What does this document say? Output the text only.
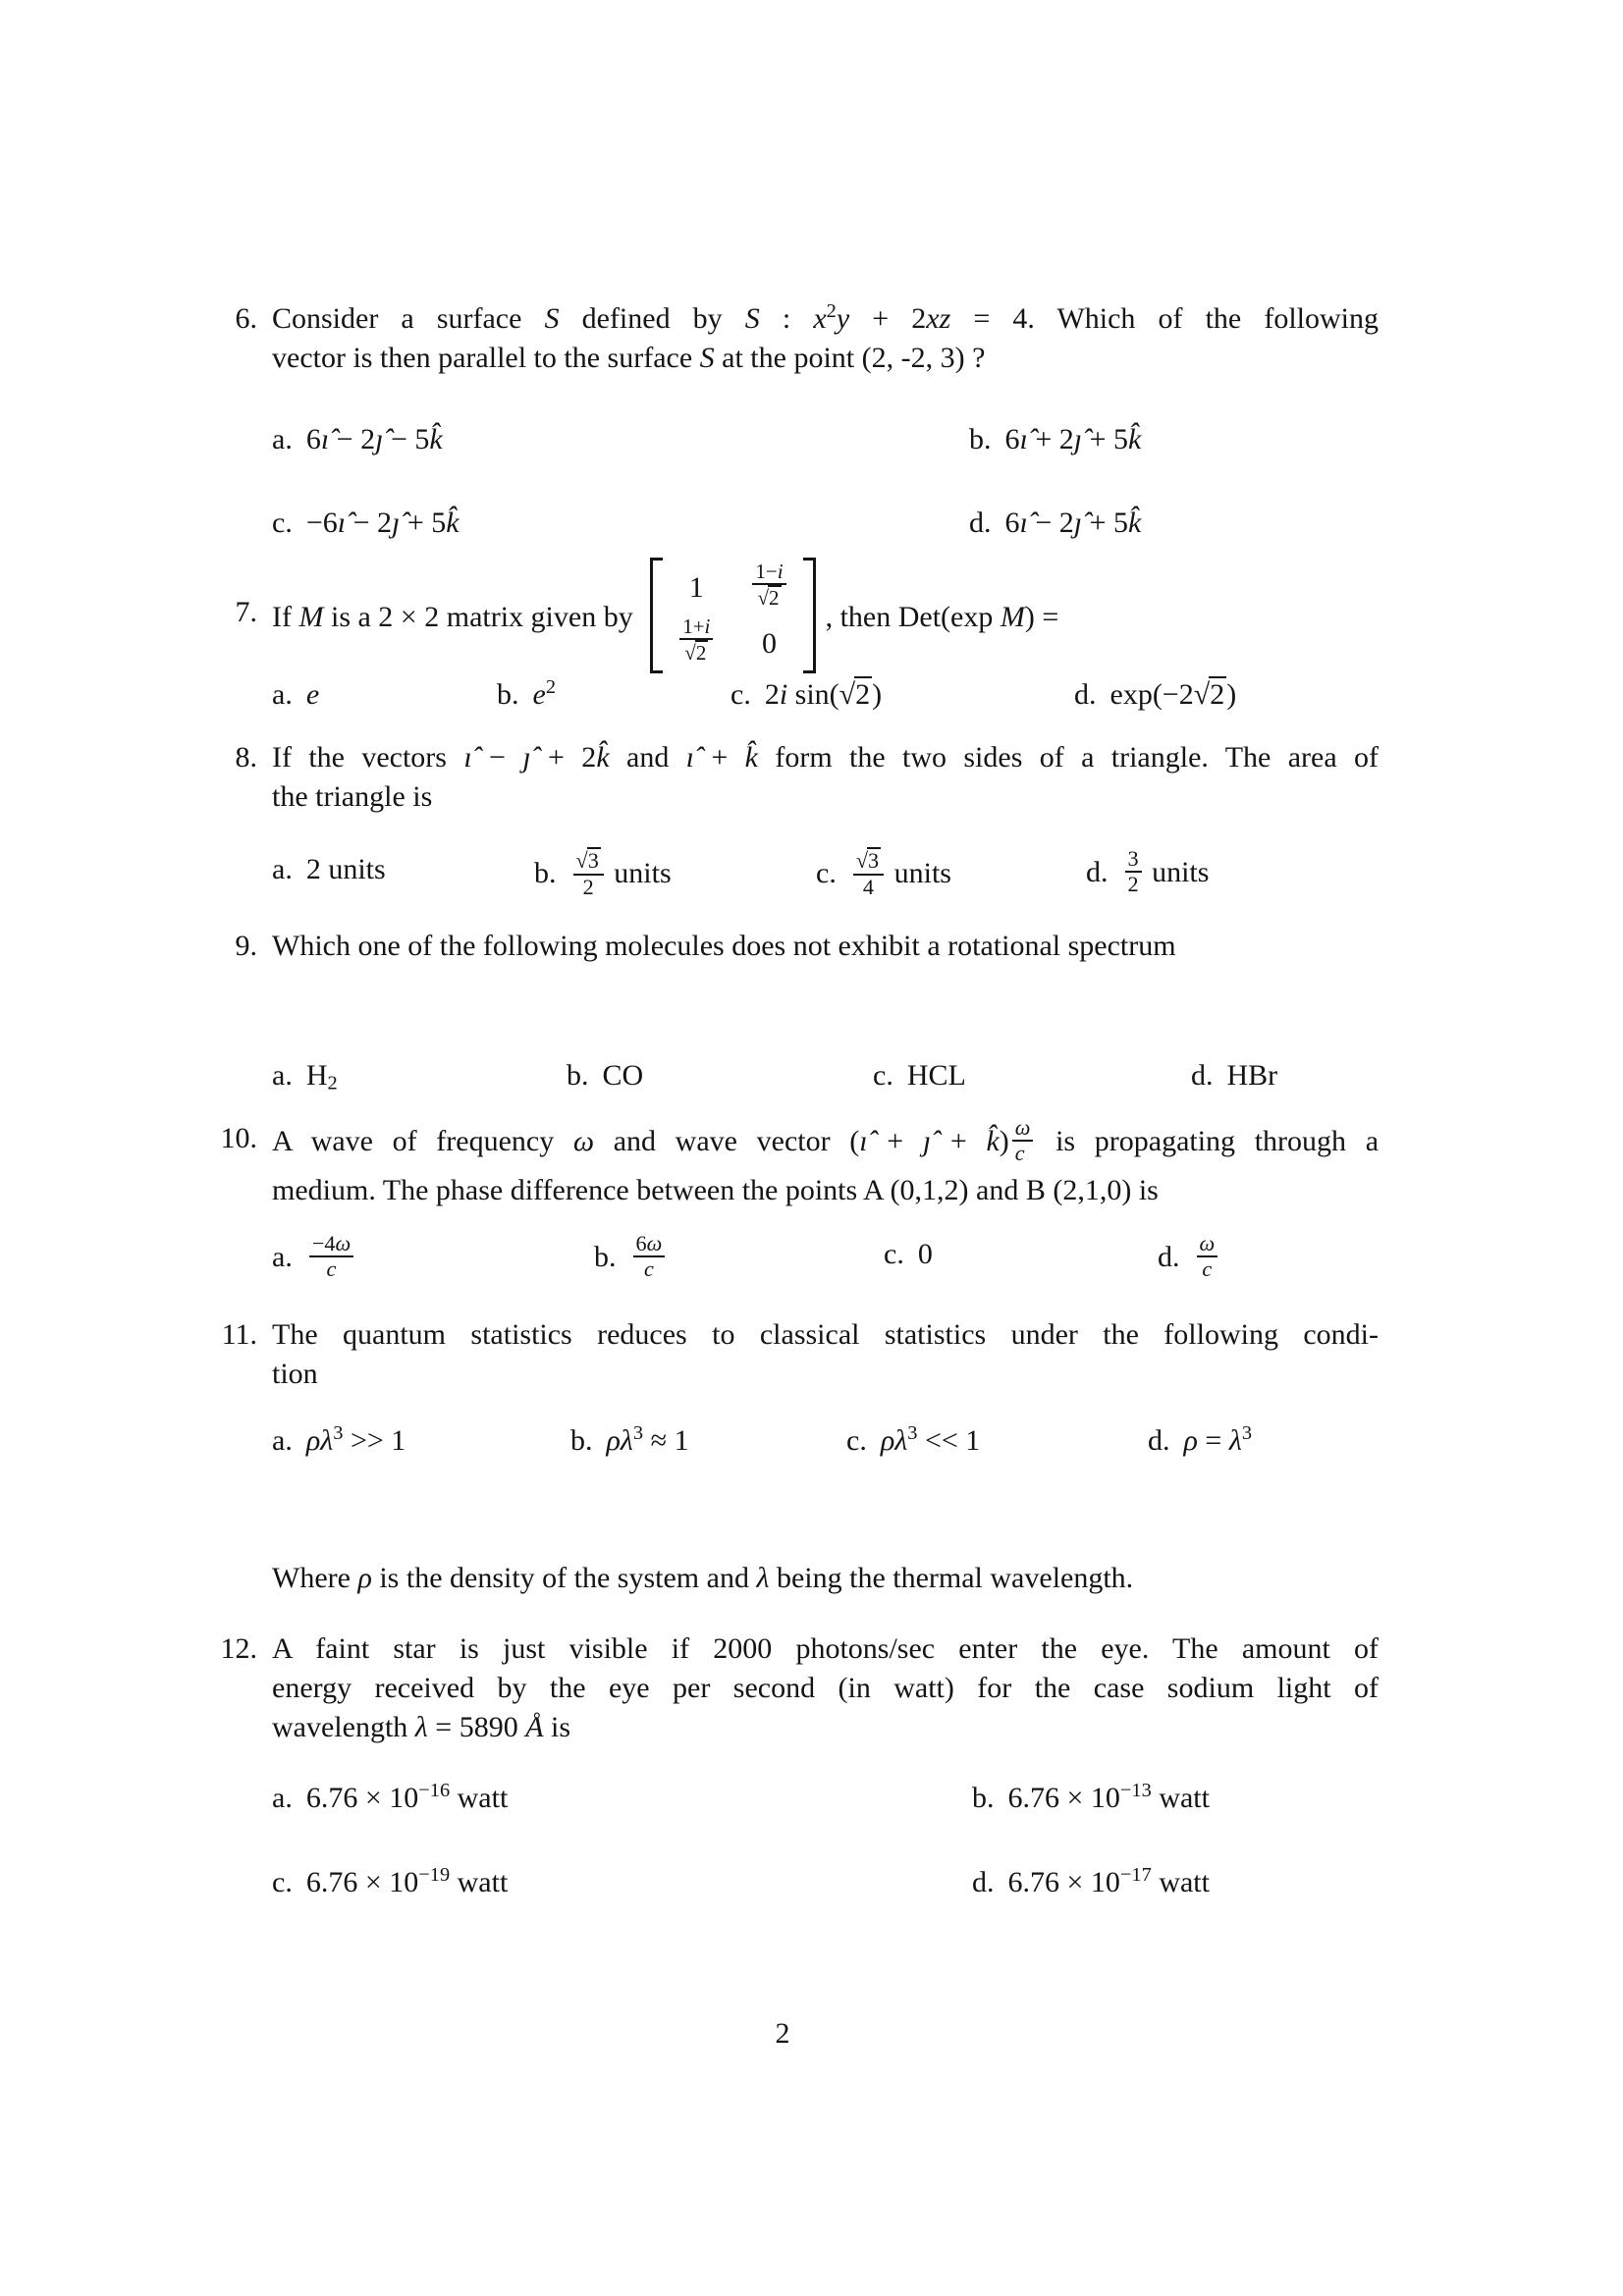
6. Consider a surface S defined by S : $x^2y + 2xz = 4$. Which of the following
vector is then parallel to the surface S at the point (2, -2, 3) ?
a. 6ı̂ − 2ȷ̂ − 5k̂	b. 6ı̂ + 2ȷ̂ + 5k̂
c. −6ı̂ − 2ȷ̂ + 5k̂	d. 6ı̂ − 2ȷ̂ + 5k̂
7. If M is a 2 × 2 matrix given by
$1 \frac{1-i}{√2}$
$\frac{1+i}{√2} 0$
, then Det(exp M) =
a. e	b. $e^2$	c. 2i sin(√2)	d. exp(−2√2)
8. If the vectors ı̂ − ȷ̂ + 2k̂ and ı̂ + k̂ form the two sides of a triangle. The area of
the triangle is
a. 2 units	b. $\frac{√3}{2}$ units	c. $\frac{√3}{4}$ units	d. $\frac{3}{2}$ units
9. Which one of the following molecules does not exhibit a rotational spectrum
a. $H_2$	b. CO	c. HCL	d. HBr
10. A wave of frequency ω and wave vector (ı̂ + ȷ̂ + k̂) $\frac{\omega}{c}$ is propagating through a
medium. The phase difference between the points A (0,1,2) and B (2,1,0) is
a. $\frac{-4\omega}{c}$	b. $\frac{6\omega}{c}$	c. 0	d. $\frac{\omega}{c}$
11. The quantum statistics reduces to classical statistics under the following condi-
tion
a. $\rho\lambda^3 >> 1$	b. $\rho\lambda^3 \approx 1$	c. $\rho\lambda^3 << 1$	d. $\rho = \lambda^3$
Where ρ is the density of the system and λ being the thermal wavelength.
12. A faint star is just visible if 2000 photons/sec enter the eye. The amount of
energy received by the eye per second (in watt) for the case sodium light of
wavelength λ = 5890 Å is
a. $6.76 \times 10^{-16}$ watt	b. $6.76 \times 10^{-13}$ watt
c. $6.76 \times 10^{-19}$ watt	d. $6.76 \times 10^{-17}$ watt
2
